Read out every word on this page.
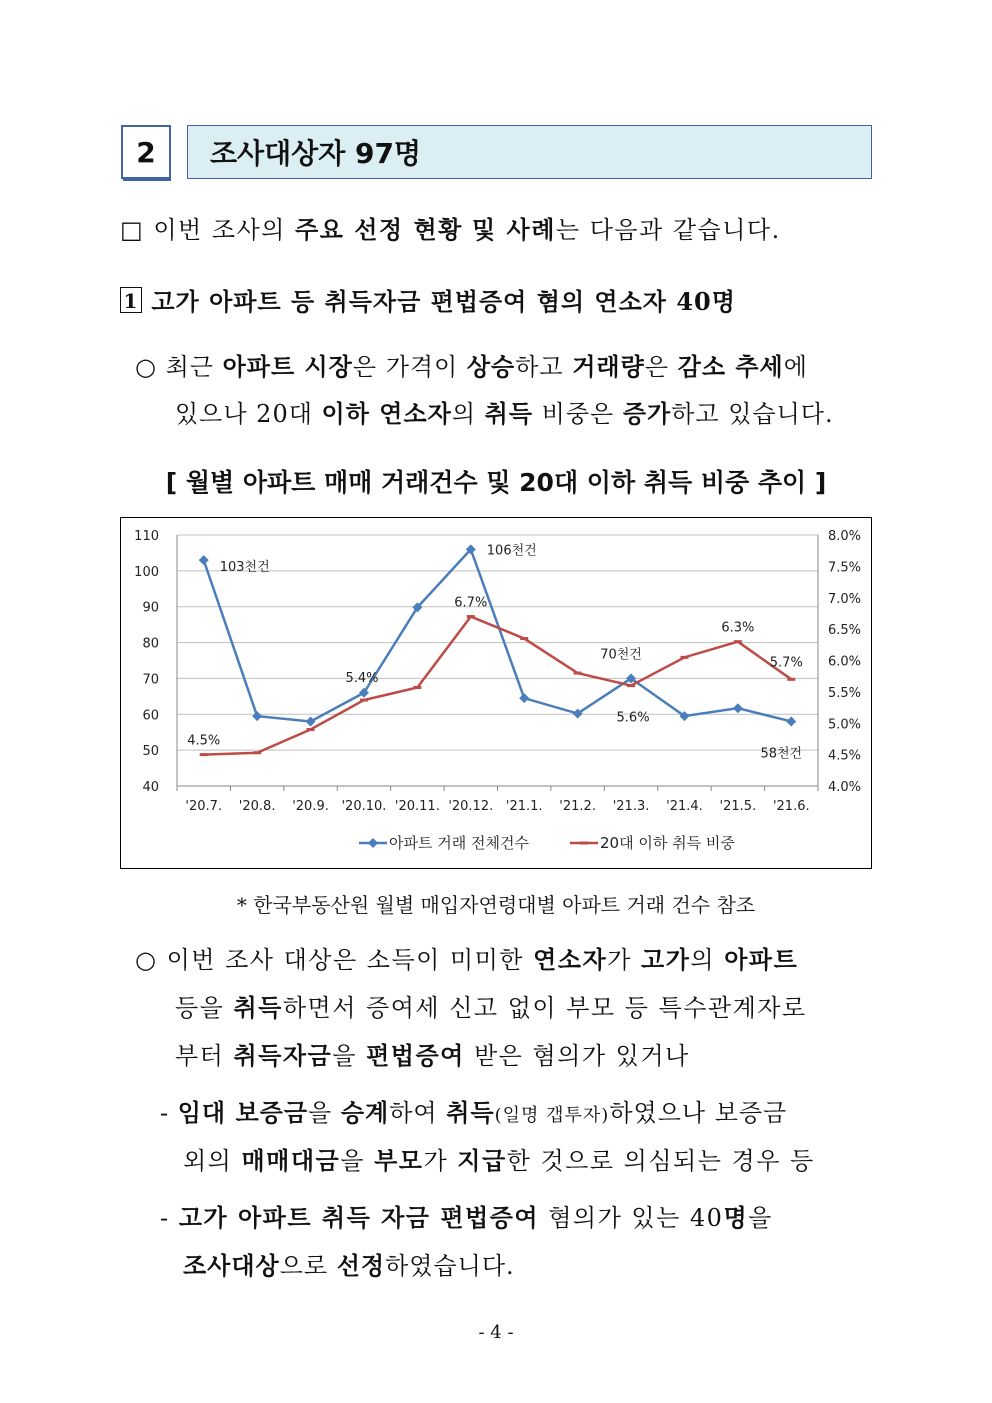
2	조사대상자 97명
□ 이번 조사의 주요 선정 현황 및 사례는 다음과 같습니다.
1 고가 아파트 등 취득자금 편법증여 혐의 연소자 40명
○ 최근 아파트 시장은 가격이 상승하고 거래량은 감소 추세에
있으나 20대 이하 연소자의 취득 비중은 증가하고 있습니다.
[ 월별 아파트 매매 거래건수 및 20대 이하 취득 비중 추이 ]
110
100
90
80
70
60
50
40
8.0%
7.5%
7.0%
6.5%
6.0%
5.5%
5.0%
4.5%
4.0%
'20.7. '20.8. '20.9. '20.10. '20.11. '20.12. '21.1. '21.2. '21.3. '21.4. '21.5. '21.6.
103천건
106천건
70천건
58천건
4.5%
5.4%
6.7%
5.6%
6.3%
5.7%
아파트 거래 전체건수	20대 이하 취득 비중
* 한국부동산원 월별 매입자연령대별 아파트 거래 건수 참조
○ 이번 조사 대상은 소득이 미미한 연소자가 고가의 아파트
등을 취득하면서 증여세 신고 없이 부모 등 특수관계자로
부터 취득자금을 편법증여 받은 혐의가 있거나
- 임대 보증금을 승계하여 취득(일명 갭투자)하였으나 보증금
외의 매매대금을 부모가 지급한 것으로 의심되는 경우 등
- 고가 아파트 취득 자금 편법증여 혐의가 있는 40명을
조사대상으로 선정하였습니다.
- 4 -
